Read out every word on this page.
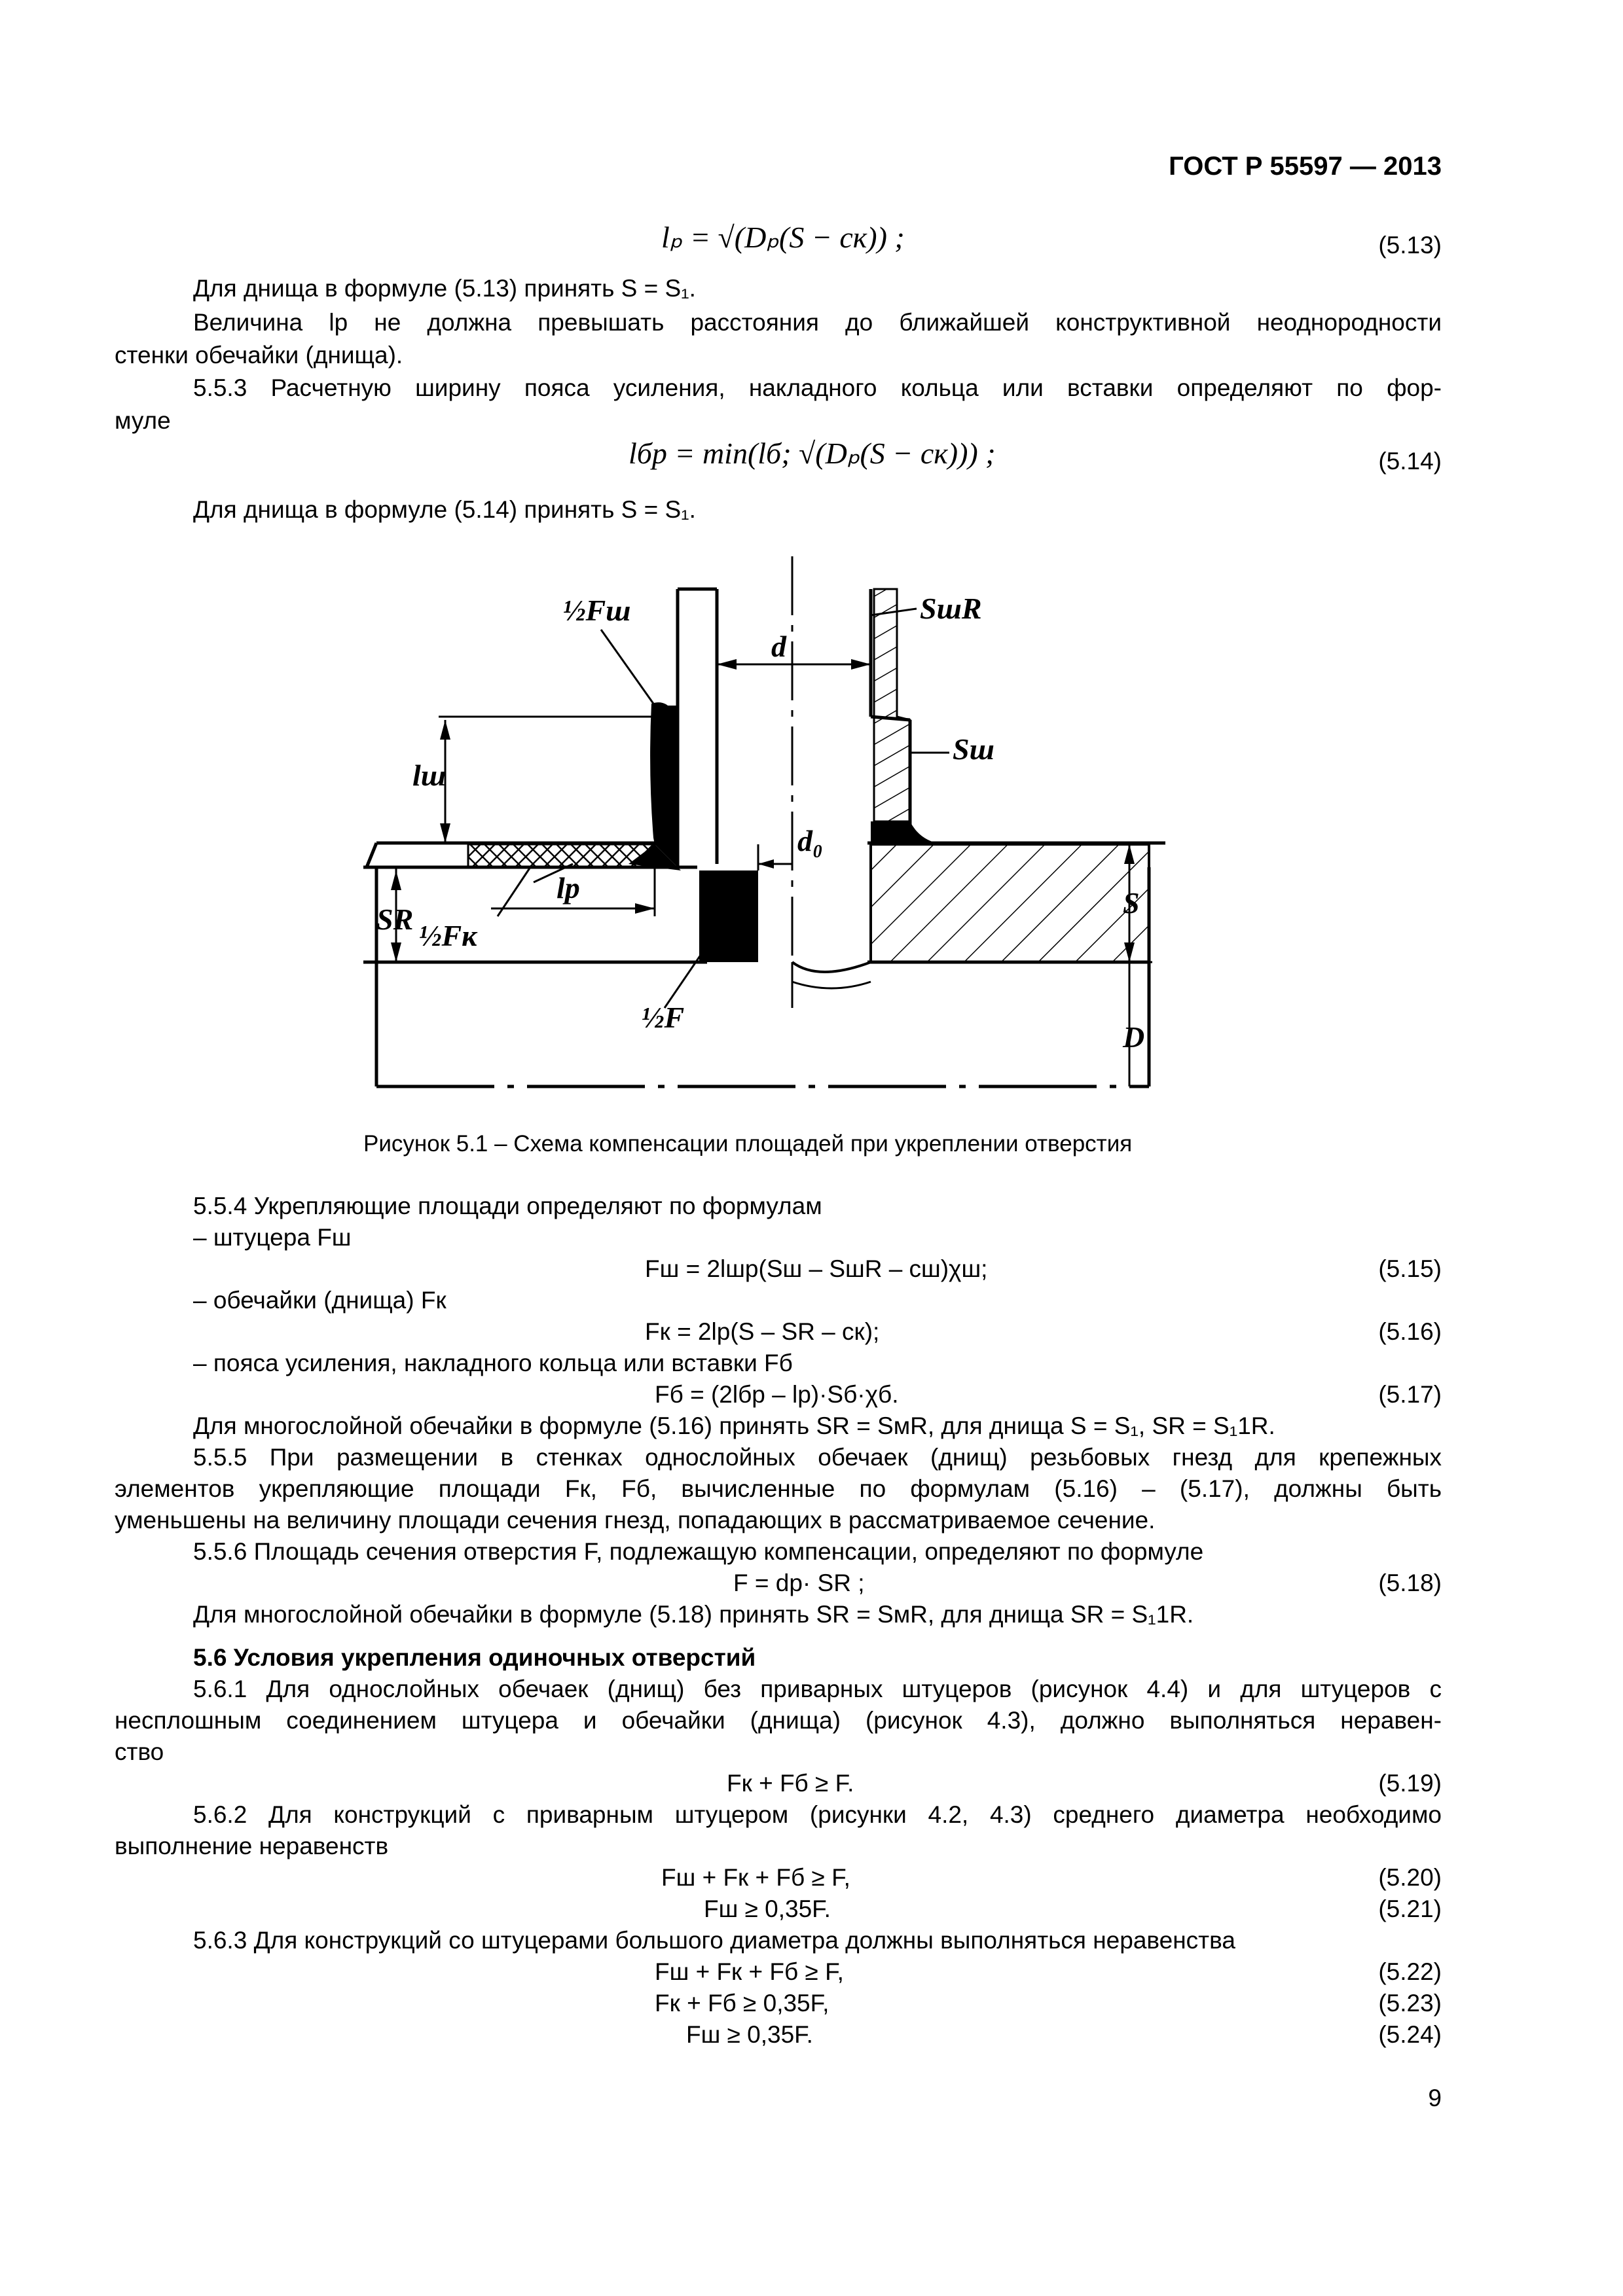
ГОСТ Р 55597 — 2013
lₚ = √(Dₚ(S − cк)) ;	(5.13)
Для днища в формуле (5.13) принять S = S₁.
Величина lр не должна превышать расстояния до ближайшей конструктивной неоднородности
стенки обечайки (днища).
5.5.3 Расчетную ширину пояса усиления, накладного кольца или вставки определяют по фор-
муле
lбр = min(lб; √(Dₚ(S − cк))) ;	(5.14)
Для днища в формуле (5.14) принять S = S₁.
½Fш	SшR
d
lш
Sш
d₀
lр
SR ½Fк
S
½F
D
Рисунок 5.1 – Схема компенсации площадей при укреплении отверстия
5.5.4 Укрепляющие площади определяют по формулам
– штуцера Fш
Fш = 2lшр(Sш – SшR – cш)χш;	(5.15)
– обечайки (днища) Fк
Fк = 2lр(S – SR – cк);	(5.16)
– пояса усиления, накладного кольца или вставки Fб
Fб = (2lбр – lр)·Sб·χб.	(5.17)
Для многослойной обечайки в формуле (5.16) принять SR = SмR, для днища S = S₁, SR = S₁1R.
5.5.5 При размещении в стенках однослойных обечаек (днищ) резьбовых гнезд для крепежных
элементов укрепляющие площади Fк, Fб, вычисленные по формулам (5.16) – (5.17), должны быть
уменьшены на величину площади сечения гнезд, попадающих в рассматриваемое сечение.
5.5.6 Площадь сечения отверстия F, подлежащую компенсации, определяют по формуле
F = dр· SR ;	(5.18)
Для многослойной обечайки в формуле (5.18) принять SR = SмR, для днища SR = S₁1R.
5.6 Условия укрепления одиночных отверстий
5.6.1 Для однослойных обечаек (днищ) без приварных штуцеров (рисунок 4.4) и для штуцеров с
несплошным соединением штуцера и обечайки (днища) (рисунок 4.3), должно выполняться неравен-
ство
Fк + Fб ≥ F.	(5.19)
5.6.2 Для конструкций с приварным штуцером (рисунки 4.2, 4.3) среднего диаметра необходимо
выполнение неравенств
Fш + Fк + Fб ≥ F,	(5.20)
Fш ≥ 0,35F.	(5.21)
5.6.3 Для конструкций со штуцерами большого диаметра должны выполняться неравенства
Fш + Fк + Fб ≥ F,	(5.22)
Fк + Fб ≥ 0,35F,	(5.23)
Fш ≥ 0,35F.	(5.24)
9
